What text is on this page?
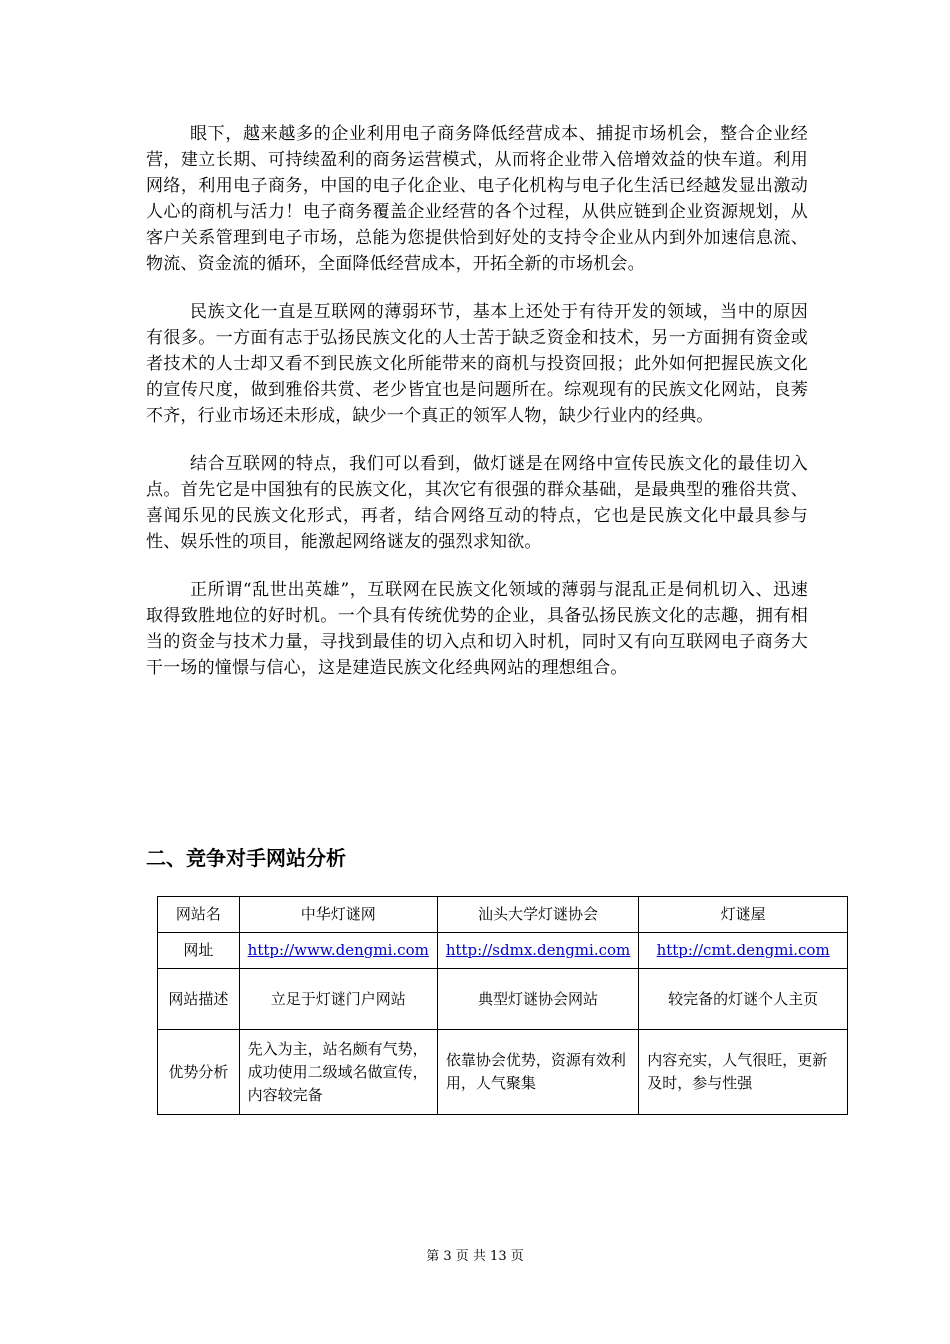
眼下，越来越多的企业利用电子商务降低经营成本、捕捉市场机会，整合企业经营，建立长期、可持续盈利的商务运营模式，从而将企业带入倍增效益的快车道。利用网络，利用电子商务，中国的电子化企业、电子化机构与电子化生活已经越发显出激动人心的商机与活力！电子商务覆盖企业经营的各个过程，从供应链到企业资源规划，从客户关系管理到电子市场，总能为您提供恰到好处的支持令企业从内到外加速信息流、物流、资金流的循环，全面降低经营成本，开拓全新的市场机会。

民族文化一直是互联网的薄弱环节，基本上还处于有待开发的领域，当中的原因有很多。一方面有志于弘扬民族文化的人士苦于缺乏资金和技术，另一方面拥有资金或者技术的人士却又看不到民族文化所能带来的商机与投资回报；此外如何把握民族文化的宣传尺度，做到雅俗共赏、老少皆宜也是问题所在。综观现有的民族文化网站，良莠不齐，行业市场还未形成，缺少一个真正的领军人物，缺少行业内的经典。

结合互联网的特点，我们可以看到，做灯谜是在网络中宣传民族文化的最佳切入点。首先它是中国独有的民族文化，其次它有很强的群众基础，是最典型的雅俗共赏、喜闻乐见的民族文化形式，再者，结合网络互动的特点，它也是民族文化中最具参与性、娱乐性的项目，能激起网络谜友的强烈求知欲。

正所谓“乱世出英雄”，互联网在民族文化领域的薄弱与混乱正是伺机切入、迅速取得致胜地位的好时机。一个具有传统优势的企业，具备弘扬民族文化的志趣，拥有相当的资金与技术力量，寻找到最佳的切入点和切入时机，同时又有向互联网电子商务大干一场的憧憬与信心，这是建造民族文化经典网站的理想组合。

二、竞争对手网站分析
网站名	中华灯谜网	汕头大学灯谜协会	灯谜屋
网址	http://www.dengmi.com	http://sdmx.dengmi.com	http://cmt.dengmi.com
网站描述	立足于灯谜门户网站	典型灯谜协会网站	较完备的灯谜个人主页
优势分析	先入为主，站名颇有气势，成功使用二级域名做宣传，内容较完备	依靠协会优势，资源有效利用，人气聚集	内容充实，人气很旺，更新及时，参与性强
第 3 页 共 13 页
